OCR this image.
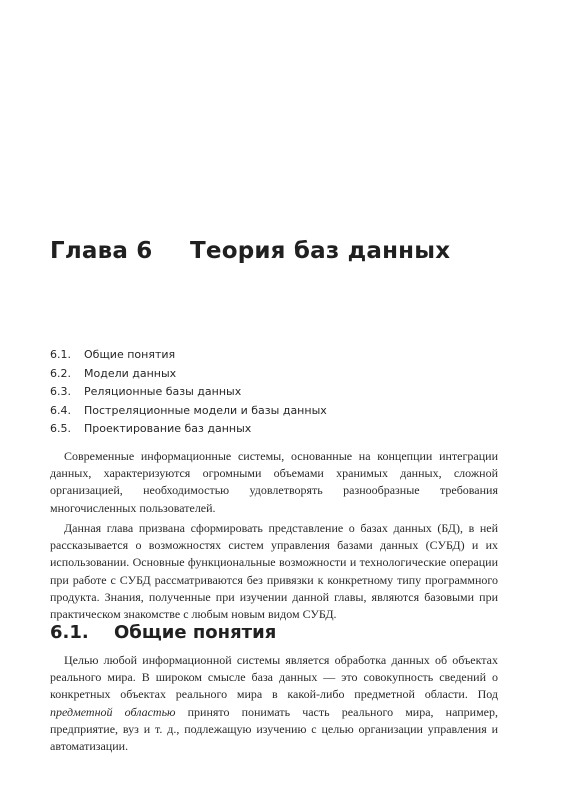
Глава 6 Теория баз данных
6.1. Общие понятия
6.2. Модели данных
6.3. Реляционные базы данных
6.4. Постреляционные модели и базы данных
6.5. Проектирование баз данных

Современные информационные системы, основанные на концепции интеграции данных, характеризуются огромными объемами хранимых данных, сложной организацией, необходимостью удовлетворять разнообразные требования многочисленных пользователей.

Данная глава призвана сформировать представление о базах данных (БД), в ней рассказывается о возможностях систем управления базами данных (СУБД) и их использовании. Основные функциональные возможности и технологические операции при работе с СУБД рассматриваются без привязки к конкретному типу программного продукта. Знания, полученные при изучении данной главы, являются базовыми при практическом знакомстве с любым новым видом СУБД.

6.1. Общие понятия

Целью любой информационной системы является обработка данных об объектах реального мира. В широком смысле база данных — это совокупность сведений о конкретных объектах реального мира в какой-либо предметной области. Под предметной областью принято понимать часть реального мира, например, предприятие, вуз и т. д., подлежащую изучению с целью организации управления и автоматизации.
